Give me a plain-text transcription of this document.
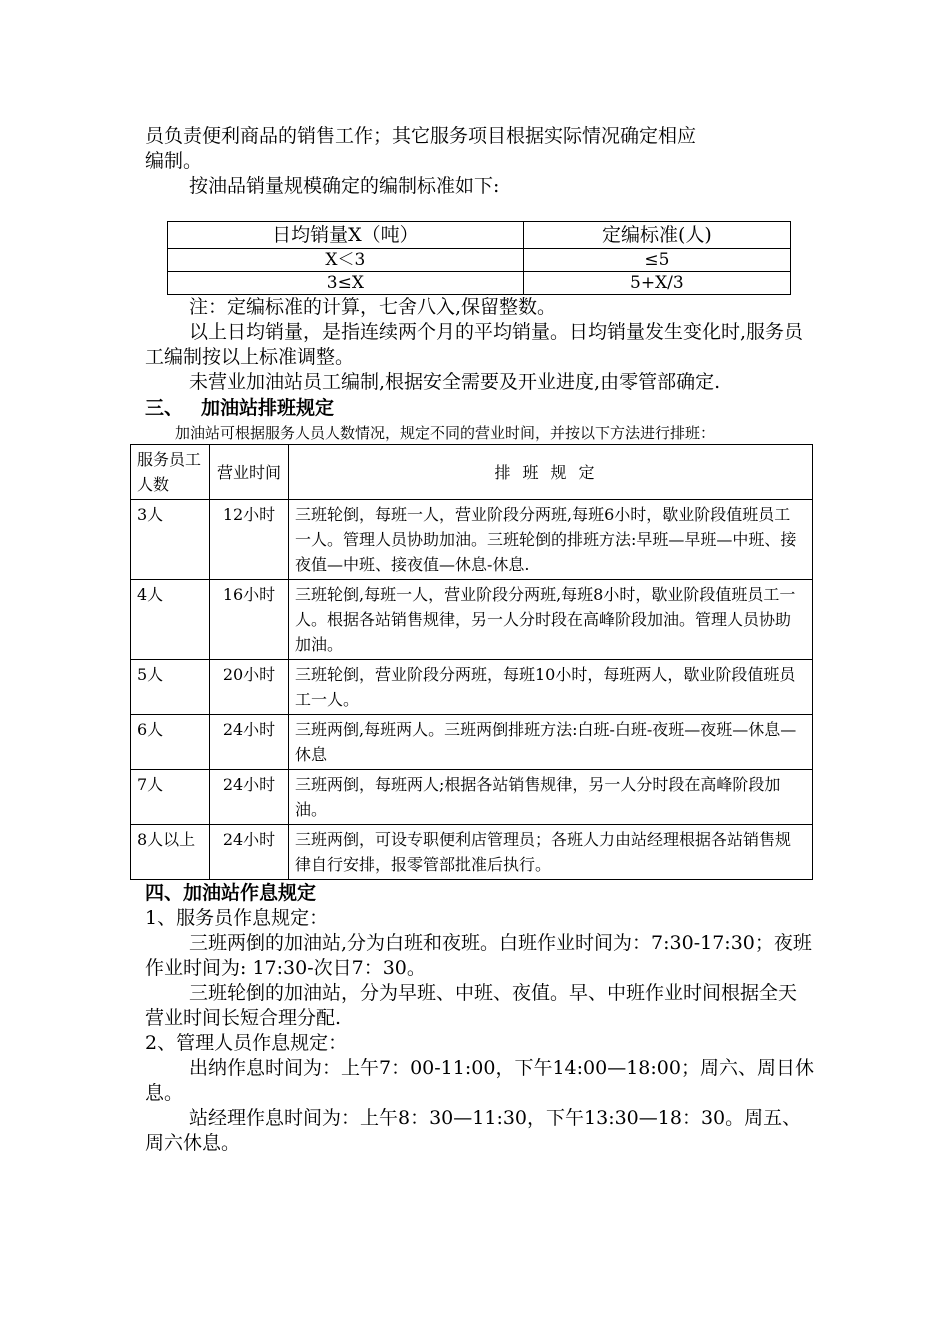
员负责便利商品的销售工作；其它服务项目根据实际情况确定相应

编制。

按油品销量规模确定的编制标准如下:

日均销量X（吨）	定编标准(人)
X＜3	≤5
3≤X	5+X/3

注：定编标准的计算，七舍八入,保留整数。

以上日均销量，是指连续两个月的平均销量。日均销量发生变化时,服务员工编制按以上标准调整。

未营业加油站员工编制,根据安全需要及开业进度,由零管部确定.

三、 加油站排班规定

加油站可根据服务人员人数情况，规定不同的营业时间，并按以下方法进行排班：

服务员工人数	营业时间	排班规定
3人	12小时	三班轮倒，每班一人，营业阶段分两班,每班6小时，歇业阶段值班员工一人。管理人员协助加油。三班轮倒的排班方法:早班—早班—中班、接夜值—中班、接夜值—休息-休息.
4人	16小时	三班轮倒,每班一人，营业阶段分两班,每班8小时，歇业阶段值班员工一人。根据各站销售规律，另一人分时段在高峰阶段加油。管理人员协助加油。
5人	20小时	三班轮倒，营业阶段分两班，每班10小时，每班两人，歇业阶段值班员工一人。
6人	24小时	三班两倒,每班两人。三班两倒排班方法:白班-白班-夜班—夜班—休息—休息
7人	24小时	三班两倒，每班两人;根据各站销售规律，另一人分时段在高峰阶段加油。
8人以上	24小时	三班两倒，可设专职便利店管理员；各班人力由站经理根据各站销售规律自行安排，报零管部批准后执行。

四、加油站作息规定

1、服务员作息规定：

三班两倒的加油站,分为白班和夜班。白班作业时间为：7:30-17:30；夜班作业时间为: 17:30-次日7：30。

三班轮倒的加油站，分为早班、中班、夜值。早、中班作业时间根据全天营业时间长短合理分配.

2、管理人员作息规定：

出纳作息时间为：上午7：00-11:00，下午14:00—18:00；周六、周日休息。

站经理作息时间为：上午8：30—11:30，下午13:30—18：30。周五、周六休息。
